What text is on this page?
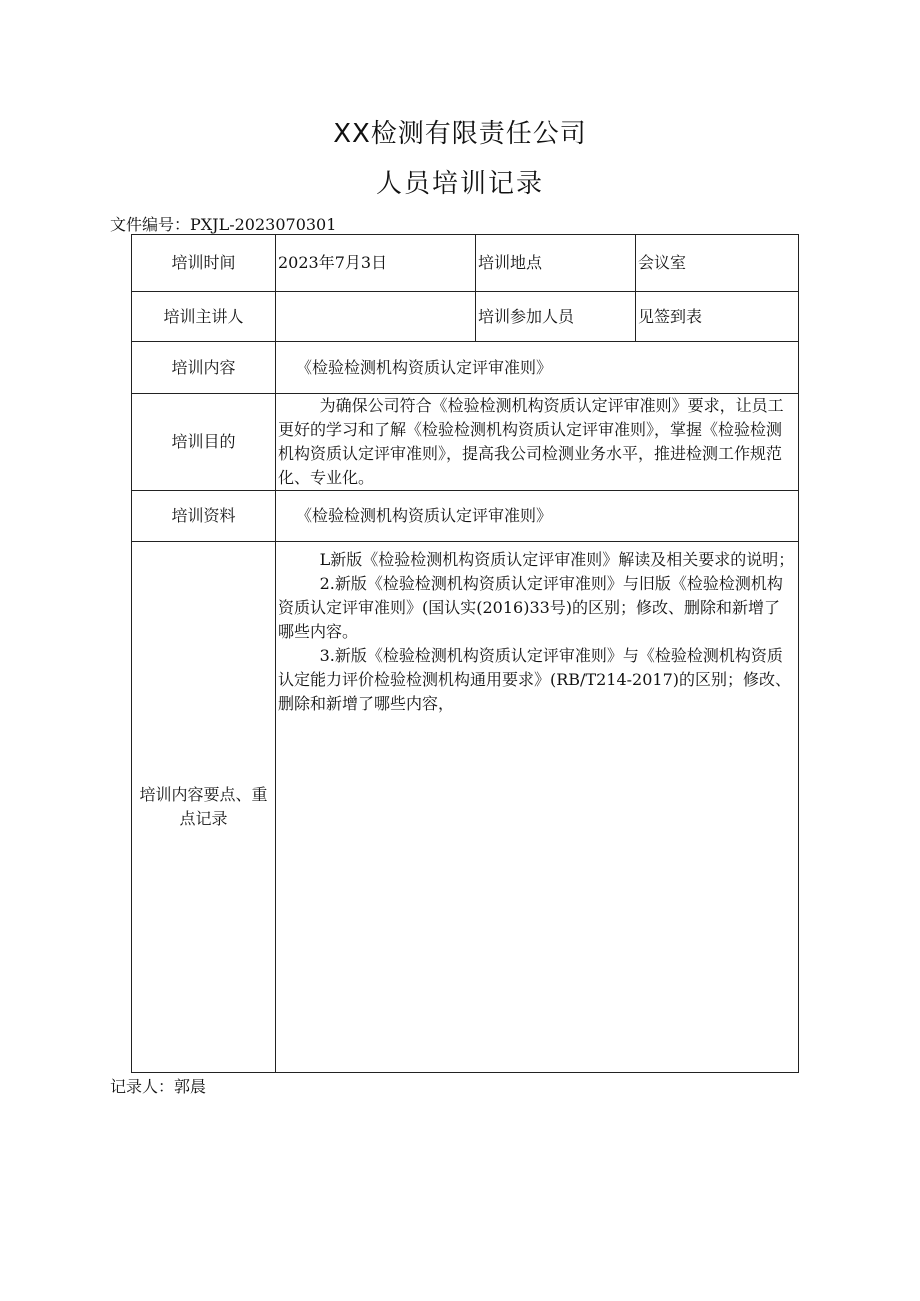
XX检测有限责任公司
人员培训记录
文件编号：PXJL-2023070301
培训时间	2023年7月3日	培训地点	会议室
培训主讲人		培训参加人员	见签到表
培训内容	《检验检测机构资质认定评审准则》		
培训目的	为确保公司符合《检验检测机构资质认定评审准则》要求，让员工更好的学习和了解《检验检测机构资质认定评审准则》，掌握《检验检测机构资质认定评审准则》，提高我公司检测业务水平，推进检测工作规范化、专业化。		

培训资料	《检验检测机构资质认定评审准则》		
培训内容要点、重点记录	L新版《检验检测机构资质认定评审准则》解读及相关要求的说明；

2.新版《检验检测机构资质认定评审准则》与旧版《检验检测机构资质认定评审准则》(国认实(2016)33号)的区别；修改、删除和新增了哪些内容。

3.新版《检验检测机构资质认定评审准则》与《检验检测机构资质认定能力评价检验检测机构通用要求》(RB/T214-2017)的区别；修改、删除和新增了哪些内容，		

记录人：郭晨
